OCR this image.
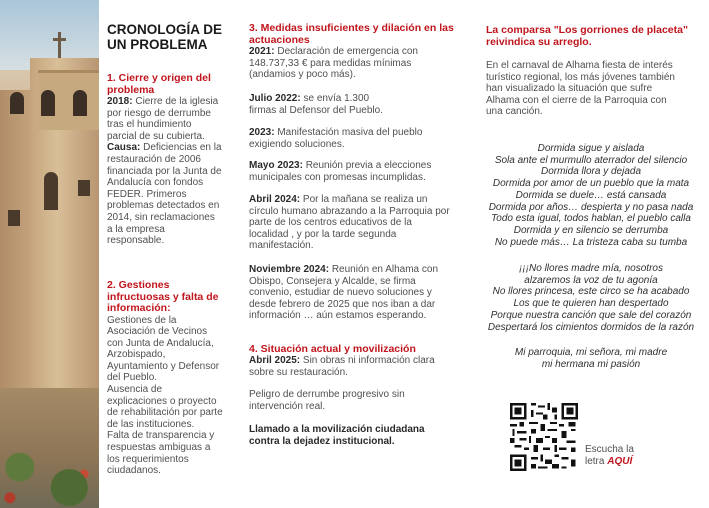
CRONOLOGÍA DE UN PROBLEMA
1. Cierre y origen del problema

2018: Cierre de la iglesia por riesgo de derrumbe tras el hundimiento parcial de su cubierta.

Causa: Deficiencias en la restauración de 2006 financiada por la Junta de Andalucía con fondos FEDER. Primeros problemas detectados en 2014, sin reclamaciones a la empresa responsable.

2. Gestiones infructuosas y falta de información:

Gestiones de la Asociación de Vecinos con Junta de Andalucía, Arzobispado, Ayuntamiento y Defensor del Pueblo.

Ausencia de explicaciones o proyecto de rehabilitación por parte de las instituciones.

Falta de transparencia y respuestas ambiguas a los requerimientos ciudadanos.

3. Medidas insuficientes y dilación en las actuaciones

2021: Declaración de emergencia con 148.737,33 € para medidas mínimas (andamios y poco más).

Julio 2022: se envía 1.300 firmas al Defensor del Pueblo.

2023: Manifestación masiva del pueblo exigiendo soluciones.

Mayo 2023: Reunión previa a elecciones municipales con promesas incumplidas.

Abril 2024: Por la mañana se realiza un círculo humano abrazando a la Parroquia por parte de los centros educativos de la localidad , y por la tarde segunda manifestación.

Noviembre 2024: Reunión en Alhama con Obispo, Consejera y Alcalde, se firma convenio, estudiar de nuevo soluciones y desde febrero de 2025 que nos iban a dar información … aún estamos esperando.

4. Situación actual y movilización

Abril 2025: Sin obras ni información clara sobre su restauración.

Peligro de derrumbe progresivo sin intervención real.

Llamado a la movilización ciudadana contra la dejadez institucional.

La comparsa "Los gorriones de placeta" reivindica su arreglo.

En el carnaval de Alhama fiesta de interés turístico regional, los más jóvenes también han visualizado la situación que sufre Alhama con el cierre de la Parroquia con una canción.

Dormida sigue y aislada
Sola ante el murmullo aterrador del silencio
Dormida llora y dejada
Dormida por amor de un pueblo que la mata
Dormida se duele… está cansada
Dormida por años… despierta y no pasa nada
Todo esta igual, todos hablan, el pueblo calla
Dormida y en silencio se derrumba
No puede más… La tristeza caba su tumba
¡¡¡No llores madre mía, nosotros
alzaremos la voz de tu agonía
No llores princesa, este circo se ha acabado
Los que te quieren han despertado
Porque nuestra canción que sale del corazón
Despertará los cimientos dormidos de la razón
Mi parroquia, mi señora, mi madre
mi hermana mi pasión
Escucha la
letra AQUÍ
